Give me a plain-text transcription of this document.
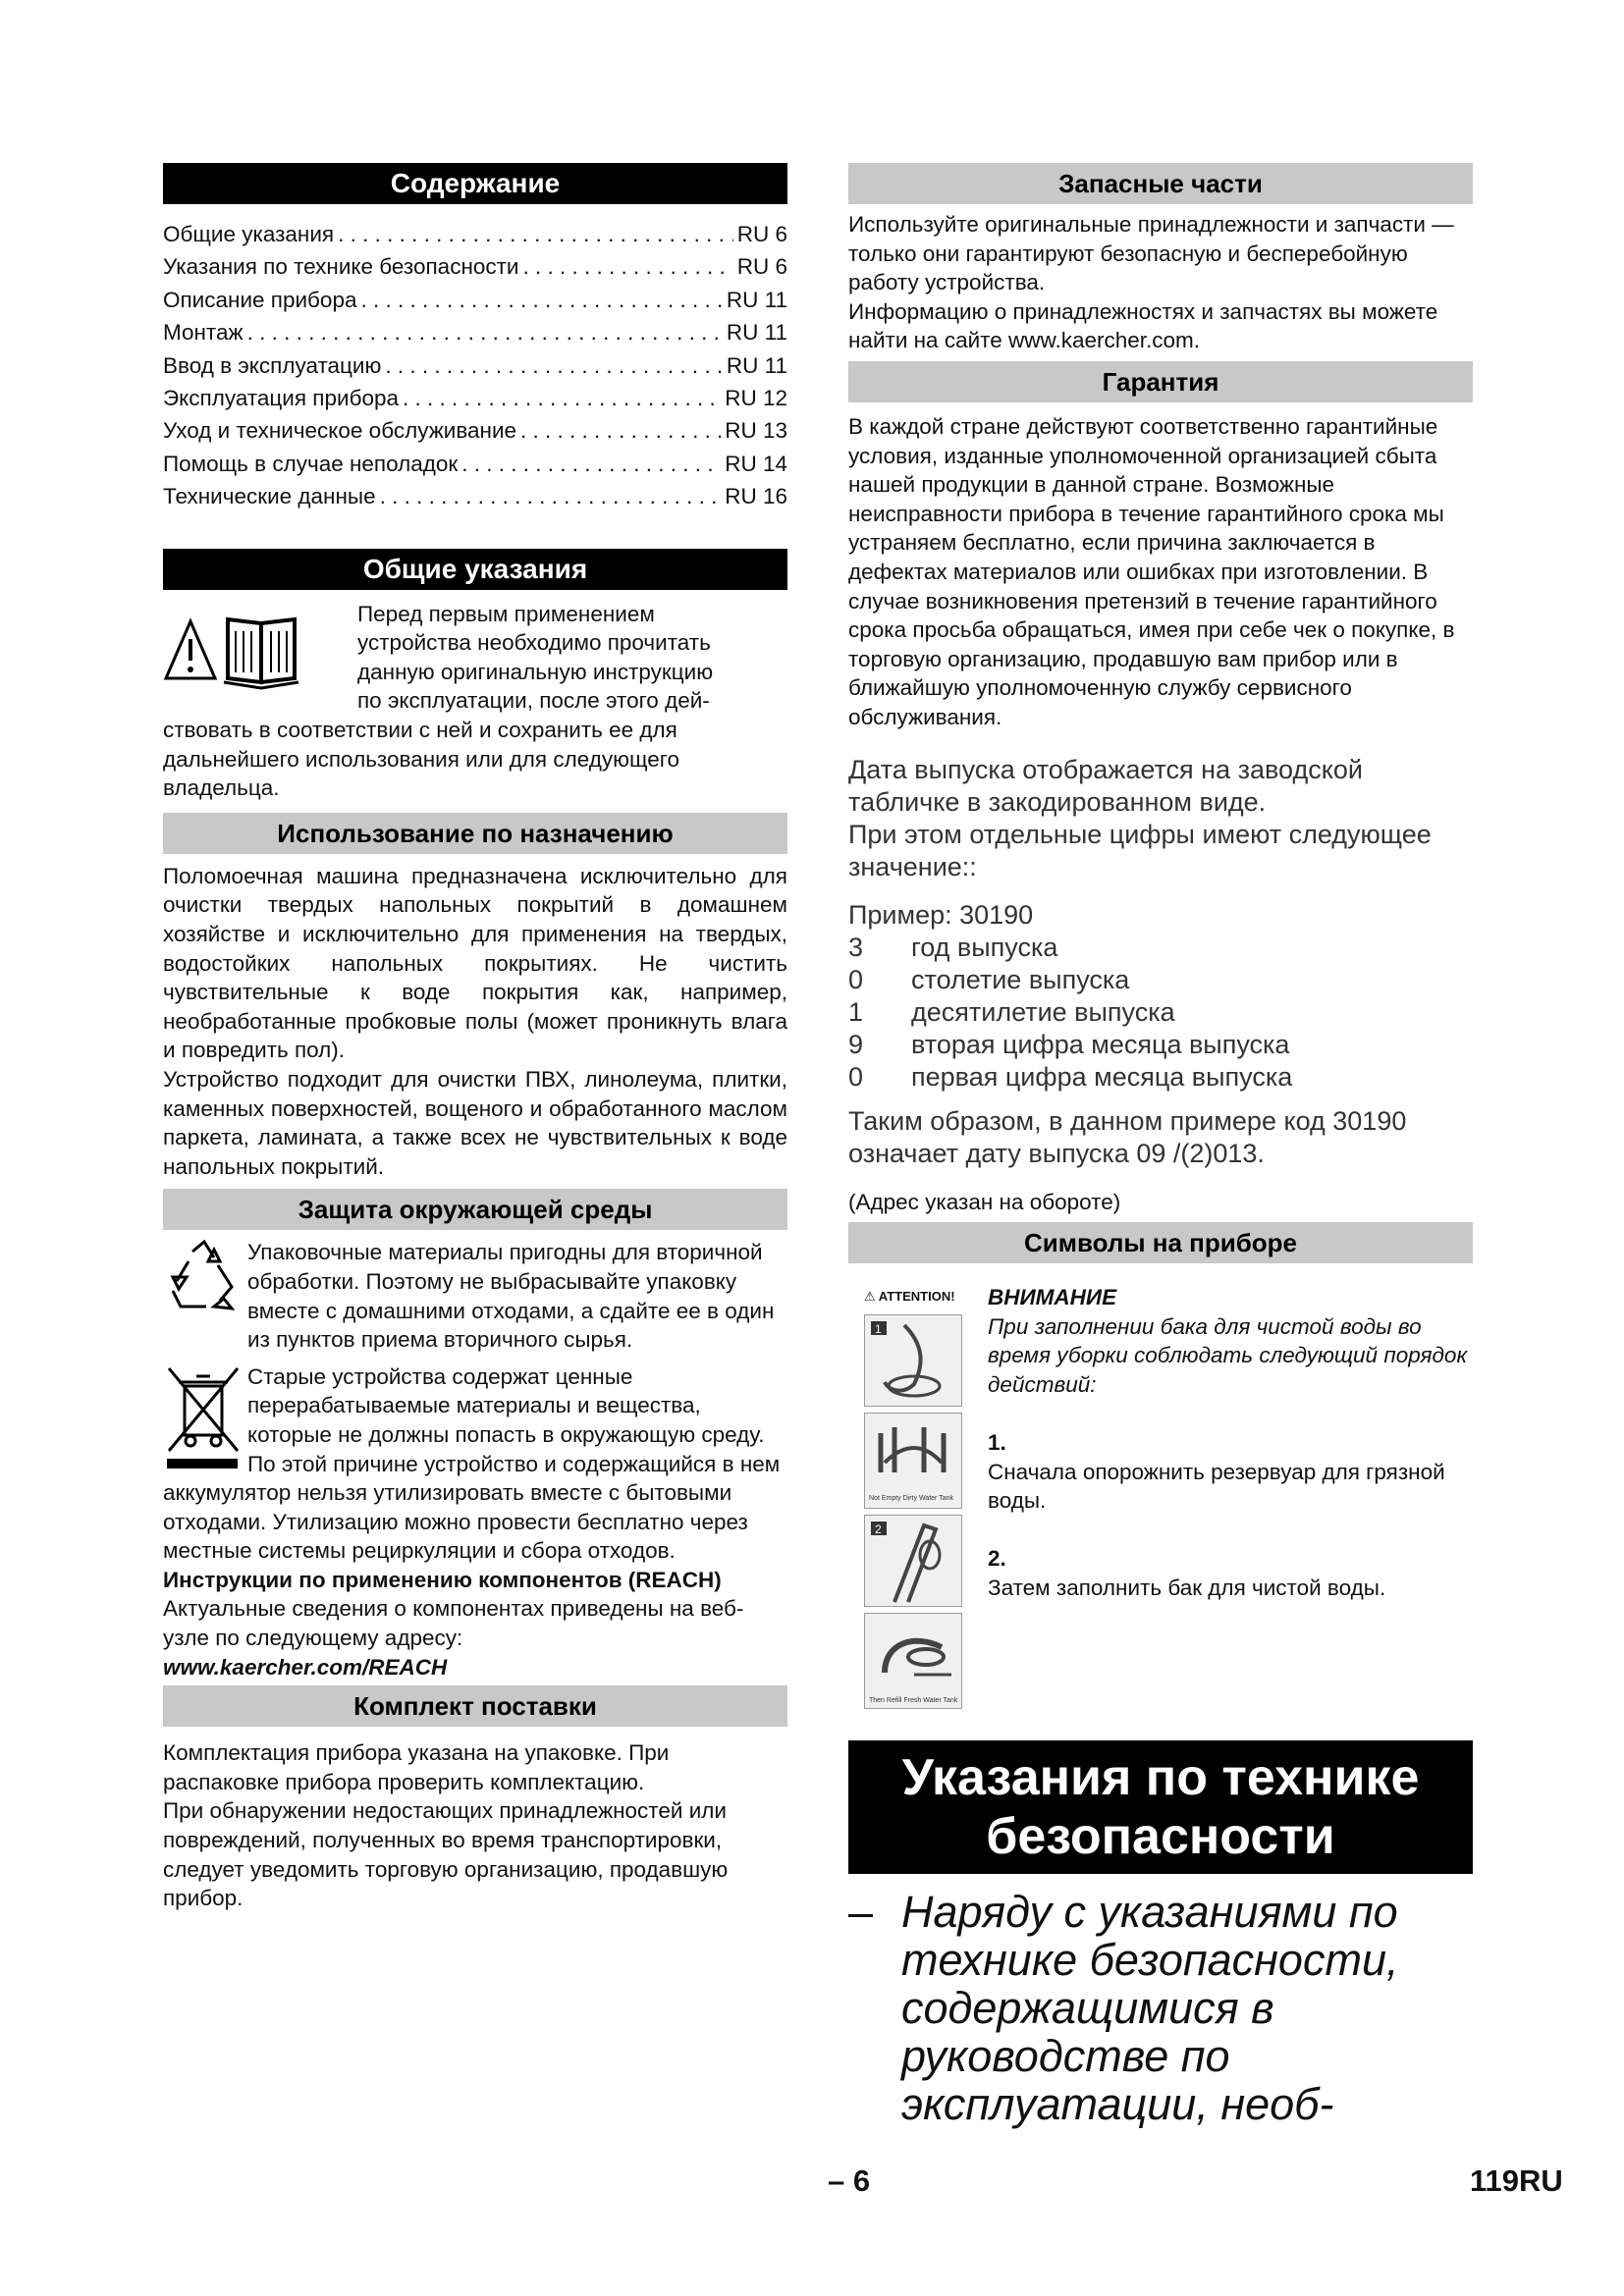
Содержание
Общие указания . . .	RU 6
Указания по технике безопасности . . .	RU 6
Описание прибора . . .	RU 11
Монтаж . . .	RU 11
Ввод в эксплуатацию . . .	RU 11
Эксплуатация прибора . . .	RU 12
Уход и техническое обслуживание . . .	RU 13
Помощь в случае неполадок . . .	RU 14
Технические данные . . .	RU 16
Общие указания

Перед первым применением
устройства необходимо прочитать
данную оригинальную инструкцию
по эксплуатации, после этого дей-

ствовать в соответствии с ней и сохранить ее для дальнейшего использования или для следующего владельца.

Использование по назначению

Поломоечная машина предназначена исключительно для очистки твердых напольных покрытий в домашнем хозяйстве и исключительно для применения на твердых, водостойких напольных покрытиях. Не чистить чувствительные к воде покрытия как, например, необработанные пробковые полы (может проникнуть влага и повредить пол).

Устройство подходит для очистки ПВХ, линолеума, плитки, каменных поверхностей, вощеного и обработанного маслом паркета, ламината, а также всех не чувствительных к воде напольных покрытий.

Защита окружающей среды

Упаковочные материалы пригодны для вторичной обработки. Поэтому не выбрасывайте упаковку вместе с домашними отходами, а сдайте ее в один из пунктов приема вторичного сырья.

Старые устройства содержат ценные перерабатываемые материалы и вещества, которые не должны попасть в окружающую среду. По этой причине устройство и содержащийся в нем аккумулятор нельзя утилизировать вместе с бытовыми отходами. Утилизацию можно провести бесплатно через местные системы рециркуляции и сбора отходов.

Инструкции по применению компонентов (REACH)

Актуальные сведения о компонентах приведены на веб-узле по следующему адресу:

www.kaercher.com/REACH

Комплект поставки

Комплектация прибора указана на упаковке. При распаковке прибора проверить комплектацию.

При обнаружении недостающих принадлежностей или повреждений, полученных во время транспортировки, следует уведомить торговую организацию, продавшую прибор.

Запасные части

Используйте оригинальные принадлежности и запчасти — только они гарантируют безопасную и бесперебойную работу устройства.

Информацию о принадлежностях и запчастях вы можете найти на сайте www.kaercher.com.

Гарантия

В каждой стране действуют соответственно гарантийные условия, изданные уполномоченной организацией сбыта нашей продукции в данной стране. Возможные неисправности прибора в течение гарантийного срока мы устраняем бесплатно, если причина заключается в дефектах материалов или ошибках при изготовлении. В случае возникновения претензий в течение гарантийного срока просьба обращаться, имея при себе чек о покупке, в торговую организацию, продавшую вам прибор или в ближайшую уполномоченную службу сервисного обслуживания.

Дата выпуска отображается на заводской табличке в закодированном виде.

При этом отдельные цифры имеют следующее значение::

Пример: 30190

3	год выпуска
0	столетие выпуска
1	десятилетие выпуска
9	вторая цифра месяца выпуска
0	первая цифра месяца выпуска

Таким образом, в данном примере код 30190 означает дату выпуска 09 /(2)013.

(Адрес указан на обороте)

Символы на приборе
⚠ ATTENTION!
1
Not Empty Dirty Water Tank
2
Then Refill Fresh Water Tank
ВНИМАНИЕ
При заполнении бака для чистой воды во время уборки соблюдать следующий порядок действий:
1.
Сначала опорожнить резервуар для грязной воды.
2.
Затем заполнить бак для чистой воды.
Указания по технике безопасности
– Наряду с указаниями по технике безопасности, содержащимися в руководстве по эксплуатации, необ-

– 6	119RU
